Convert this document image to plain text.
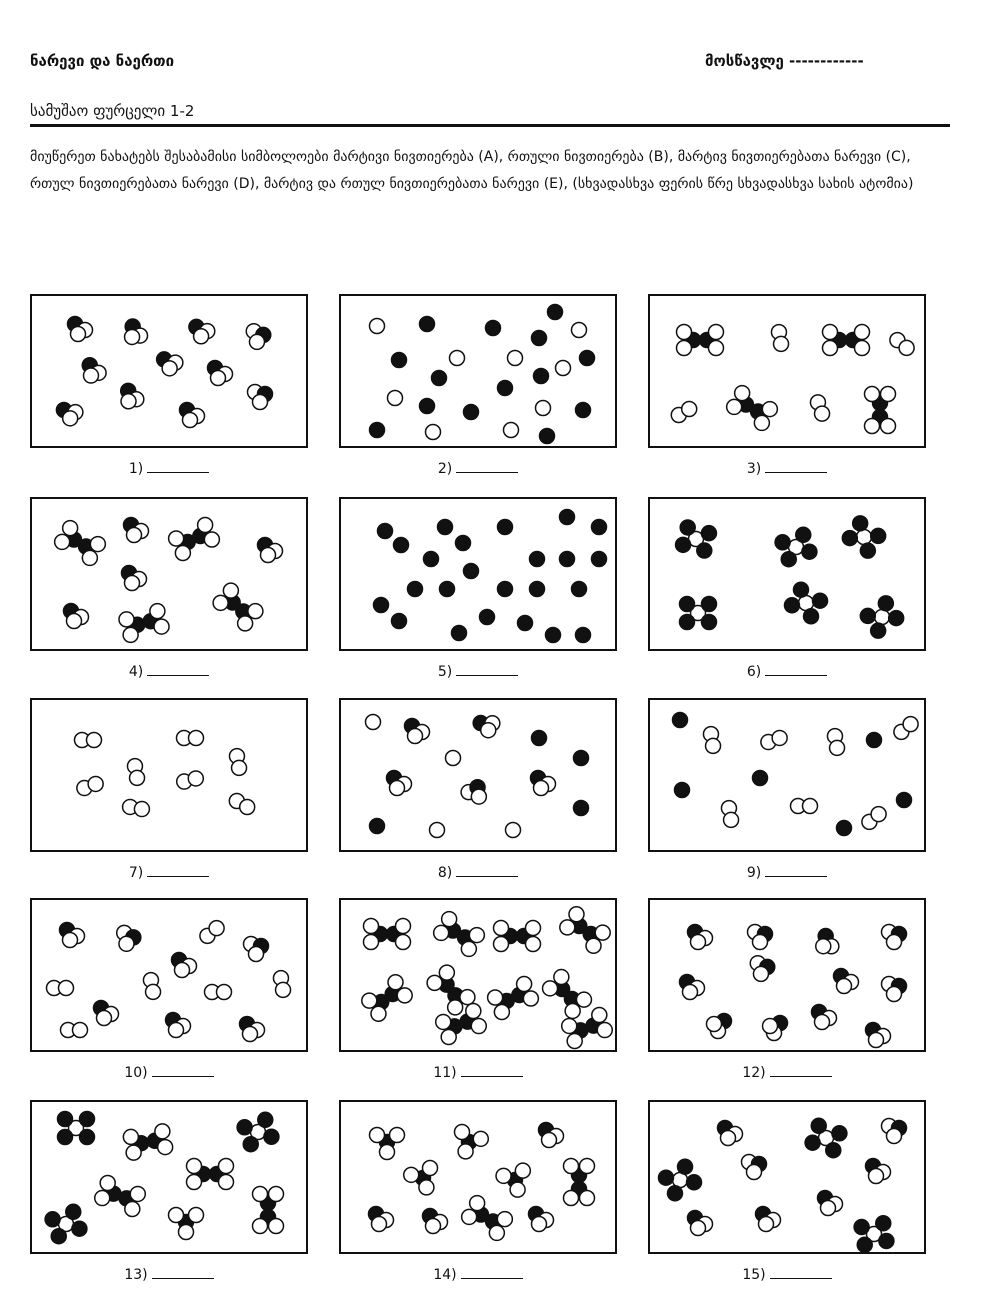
ნარევი და ნაერთი	მოსწავლე ------------
სამუშაო ფურცელი 1-2
მიუწერეთ ნახატებს შესაბამისი სიმბოლოები მარტივი ნივთიერება (A), რთული ნივთიერება (B), მარტივ ნივთიერებათა ნარევი (C), რთულ ნივთიერებათა ნარევი (D), მარტივ და რთულ ნივთიერებათა ნარევი (E), (სხვადასხვა ფერის წრე სხვადასხვა სახის ატომია)
1)	2)	3)
4)	5)	6)
7)	8)	9)
10)	11)	12)
13)	14)	15)
